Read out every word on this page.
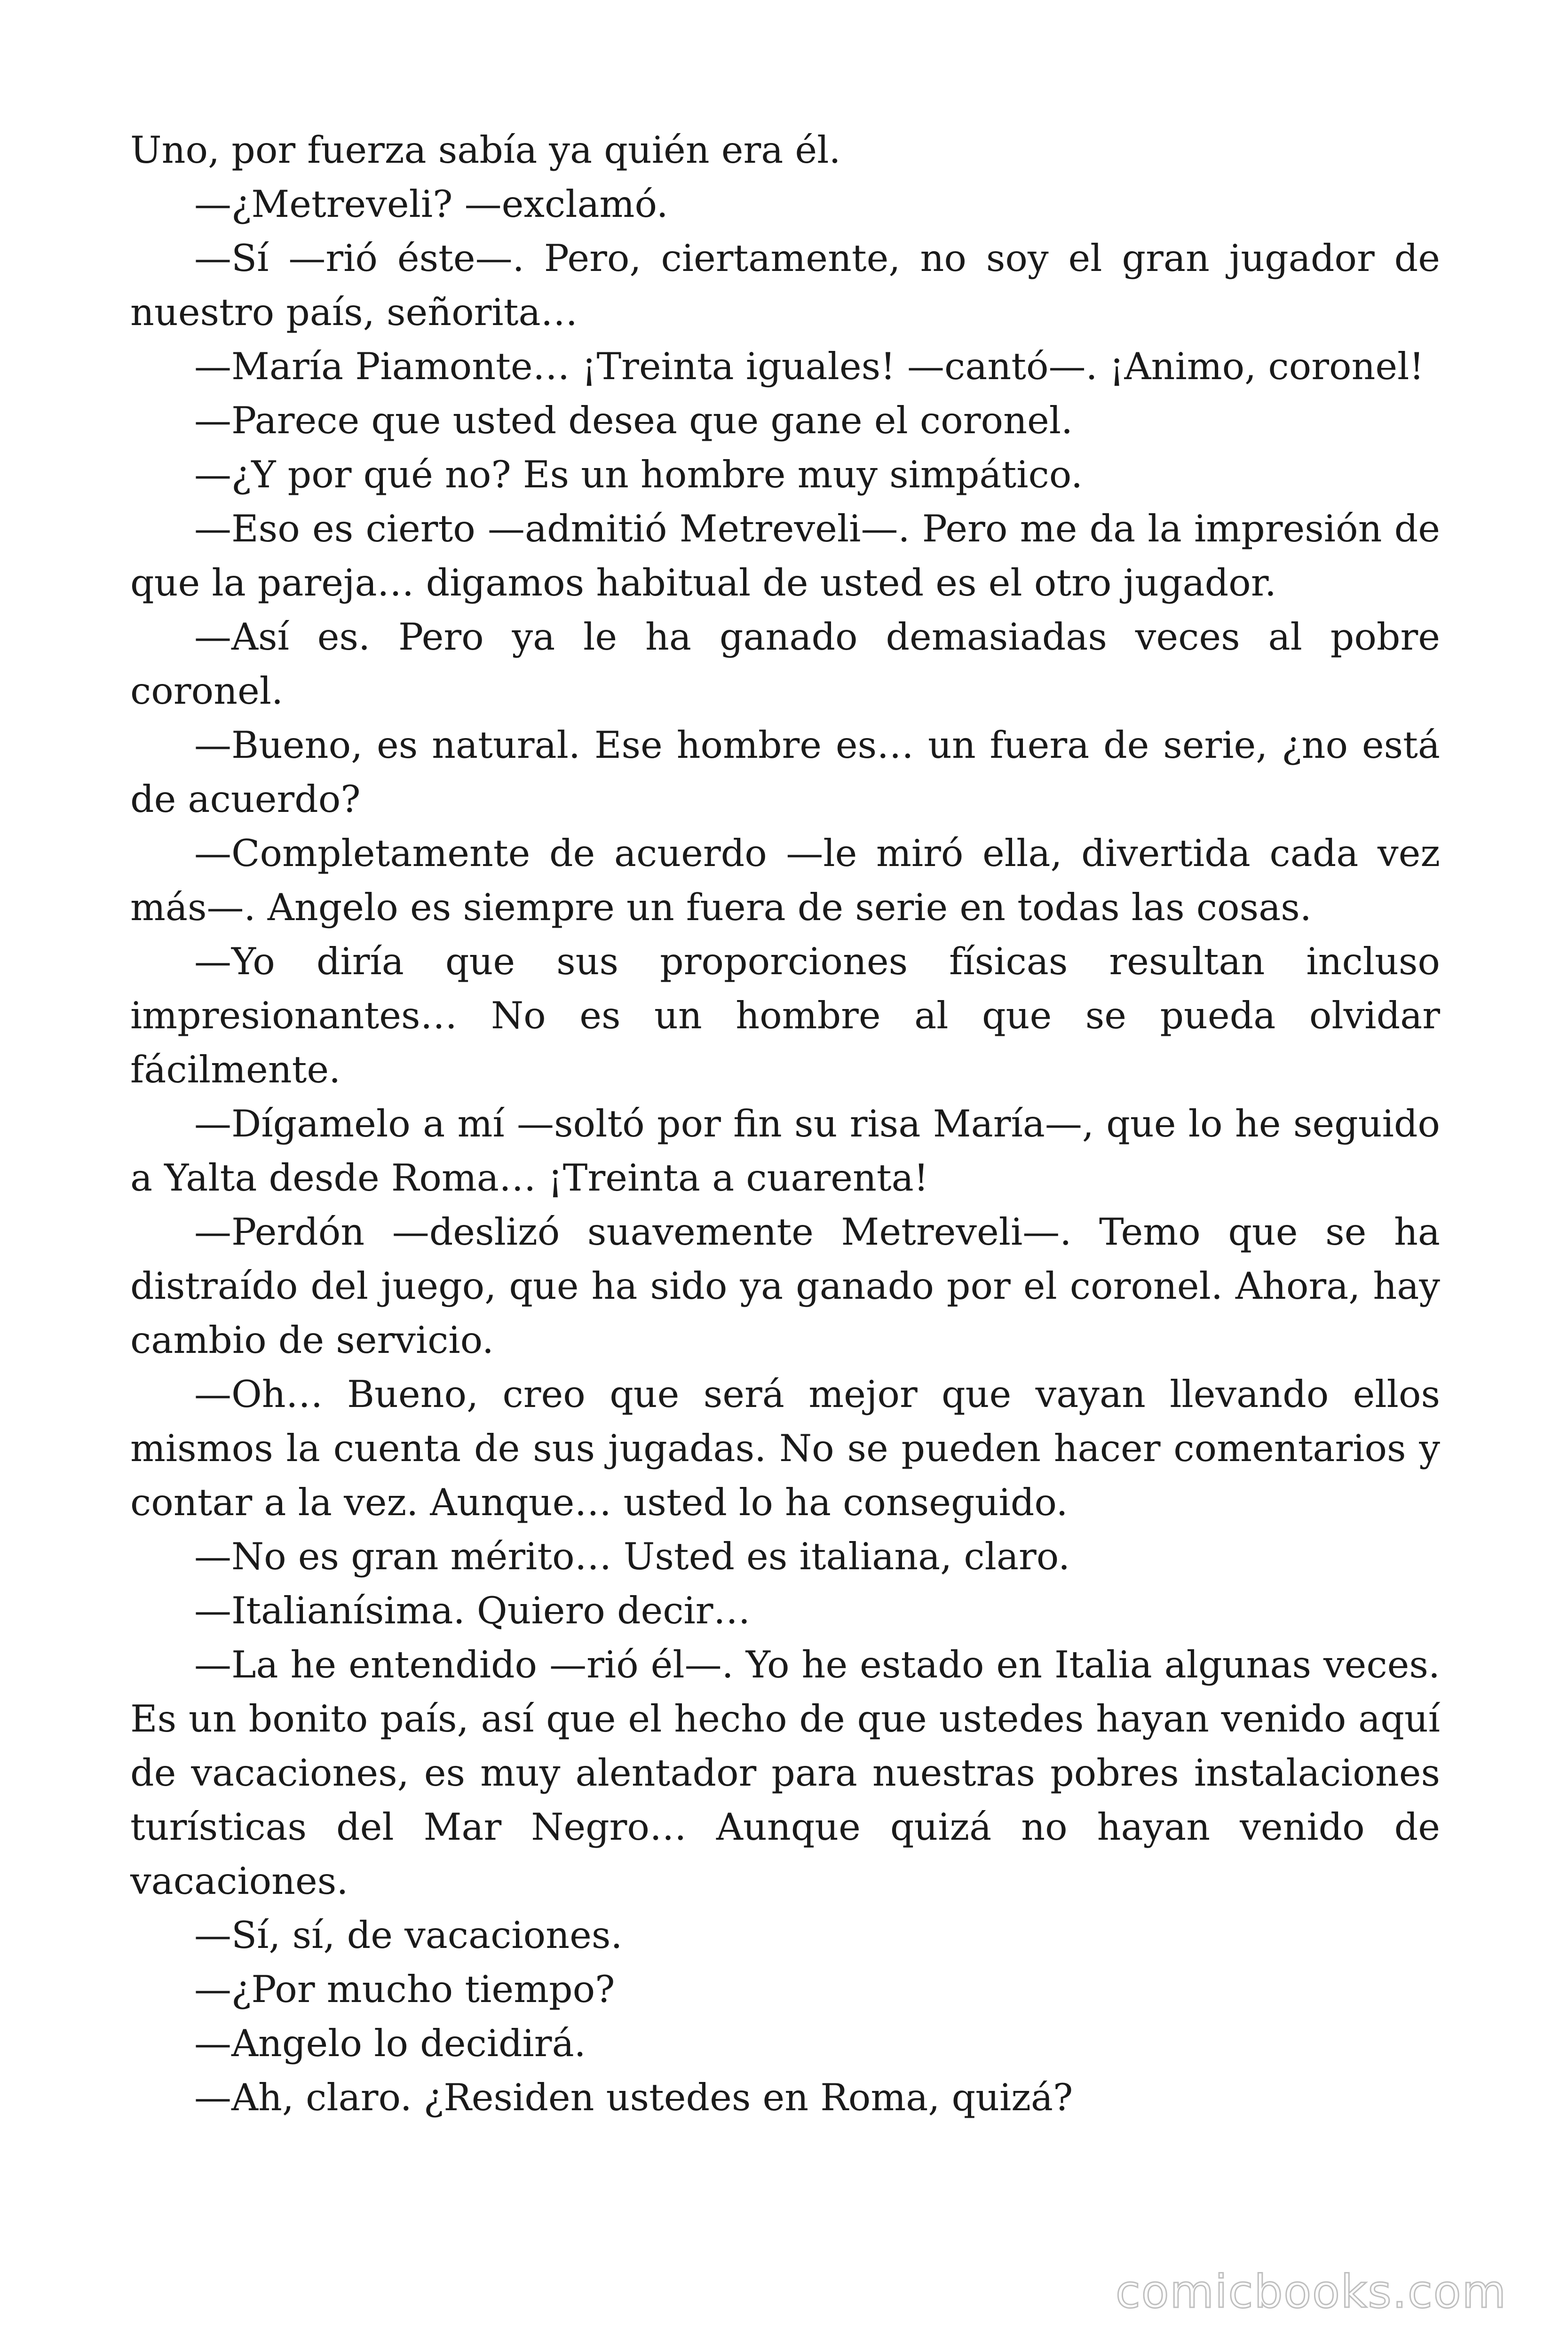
Uno, por fuerza sabía ya quién era él.

—¿Metreveli? —exclamó.

—Sí —rió éste—. Pero, ciertamente, no soy el gran jugador de nuestro país, señorita…

—María Piamonte… ¡Treinta iguales! —cantó—. ¡Animo, coronel!

—Parece que usted desea que gane el coronel.

—¿Y por qué no? Es un hombre muy simpático.

—Eso es cierto —admitió Metreveli—. Pero me da la impresión de que la pareja… digamos habitual de usted es el otro jugador.

—Así es. Pero ya le ha ganado demasiadas veces al pobre coronel.

—Bueno, es natural. Ese hombre es… un fuera de serie, ¿no está de acuerdo?

—Completamente de acuerdo —le miró ella, divertida cada vez más—. Angelo es siempre un fuera de serie en todas las cosas.

—Yo diría que sus proporciones físicas resultan incluso impresionantes… No es un hombre al que se pueda olvidar fácilmente.

—Dígamelo a mí —soltó por fin su risa María—, que lo he seguido a Yalta desde Roma… ¡Treinta a cuarenta!

—Perdón —deslizó suavemente Metreveli—. Temo que se ha distraído del juego, que ha sido ya ganado por el coronel. Ahora, hay cambio de servicio.

—Oh… Bueno, creo que será mejor que vayan llevando ellos mismos la cuenta de sus jugadas. No se pueden hacer comentarios y contar a la vez. Aunque… usted lo ha conseguido.

—No es gran mérito… Usted es italiana, claro.

—Italianísima. Quiero decir…

—La he entendido —rió él—. Yo he estado en Italia algunas veces. Es un bonito país, así que el hecho de que ustedes hayan venido aquí de vacaciones, es muy alentador para nuestras pobres instalaciones turísticas del Mar Negro… Aunque quizá no hayan venido de vacaciones.

—Sí, sí, de vacaciones.

—¿Por mucho tiempo?

—Angelo lo decidirá.

—Ah, claro. ¿Residen ustedes en Roma, quizá?

comicbooks.com
